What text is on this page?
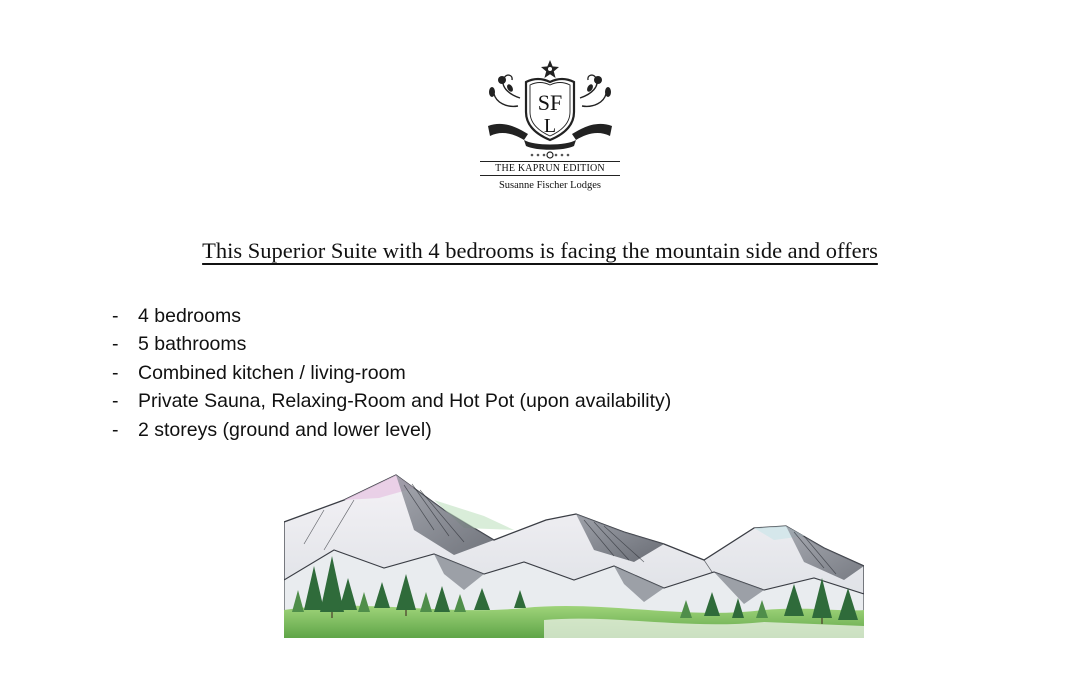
SF
L
THE KAPRUN EDITION
Susanne Fischer Lodges
This Superior Suite with 4 bedrooms is facing the mountain side and offers
- 4 bedrooms
- 5 bathrooms
- Combined kitchen / living-room
- Private Sauna, Relaxing-Room and Hot Pot (upon availability)
- 2 storeys (ground and lower level)
